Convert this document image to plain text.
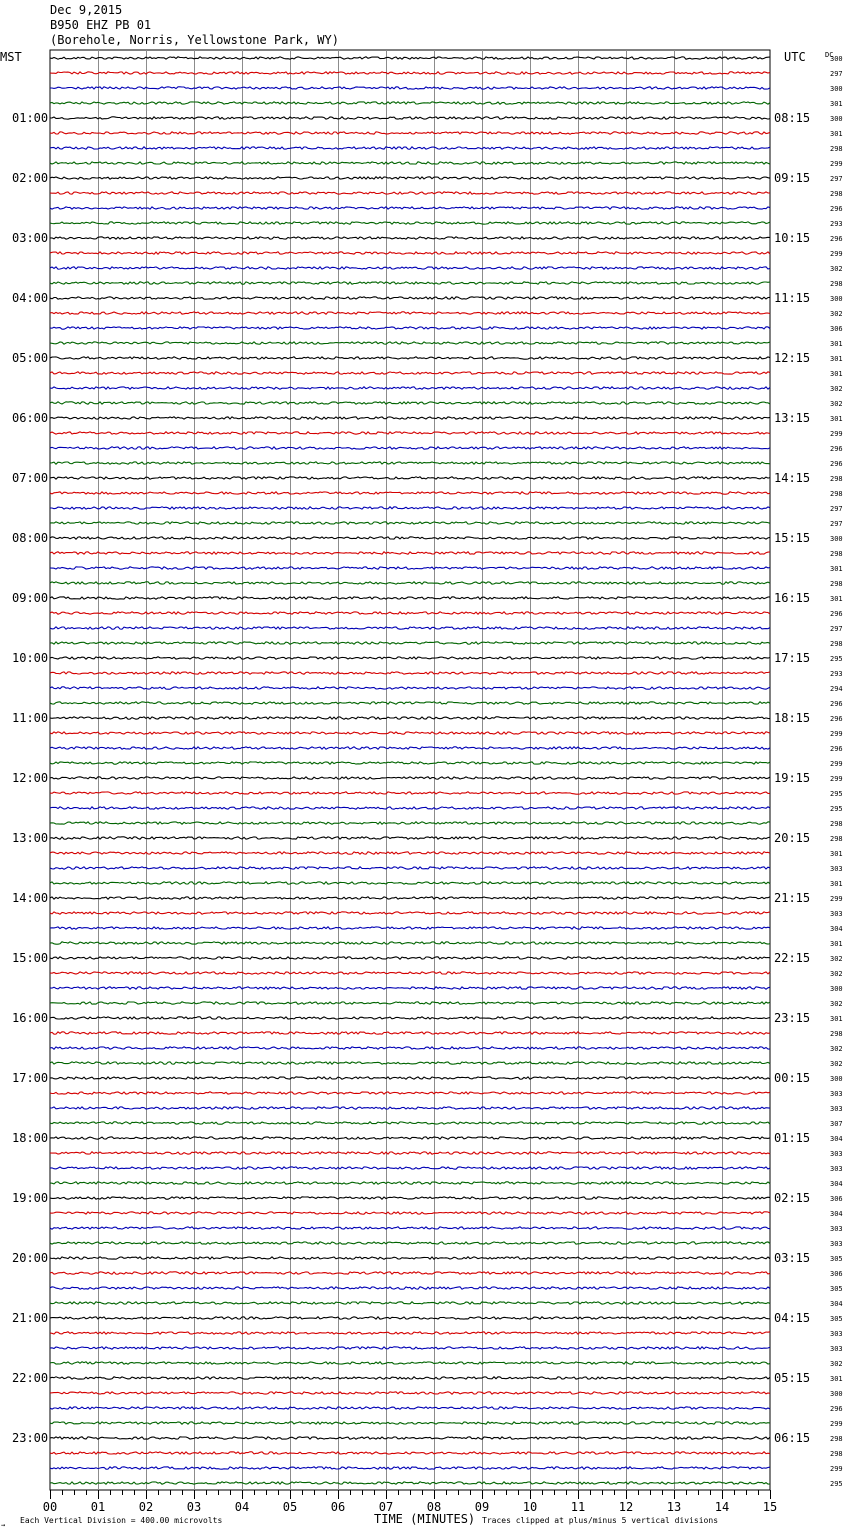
Dec 9,2015
B950 EHZ PB 01
(Borehole, Norris, Yellowstone Park, WY)
MST	UTC	DC
TIME (MINUTES)
Each Vertical Division = 400.00 microvolts	Traces clipped at plus/minus 5 vertical divisions
→
300
297
300
301
300
301
298
299
297
298
296
293
296
299
302
298
300
302
306
301
301
301
302
302
301
299
296
296
298
298
297
297
300
298
301
298
301
296
297
298
295
293
294
296
296
299
296
299
299
295
295
298
298
301
303
301
299
303
304
301
302
302
300
302
301
298
302
302
300
303
303
307
304
303
303
304
306
304
303
303
305
306
305
304
305
303
303
302
301
300
296
299
298
298
299
295
01:00
02:00
03:00
04:00
05:00
06:00
07:00
08:00
09:00
10:00
11:00
12:00
13:00
14:00
15:00
16:00
17:00
18:00
19:00
20:00
21:00
22:00
23:00
08:15
09:15
10:15
11:15
12:15
13:15
14:15
15:15
16:15
17:15
18:15
19:15
20:15
21:15
22:15
23:15
00:15
01:15
02:15
03:15
04:15
05:15
06:15
00	01	02	03	04	05	06	07	08	09	10	11	12	13	14	15
